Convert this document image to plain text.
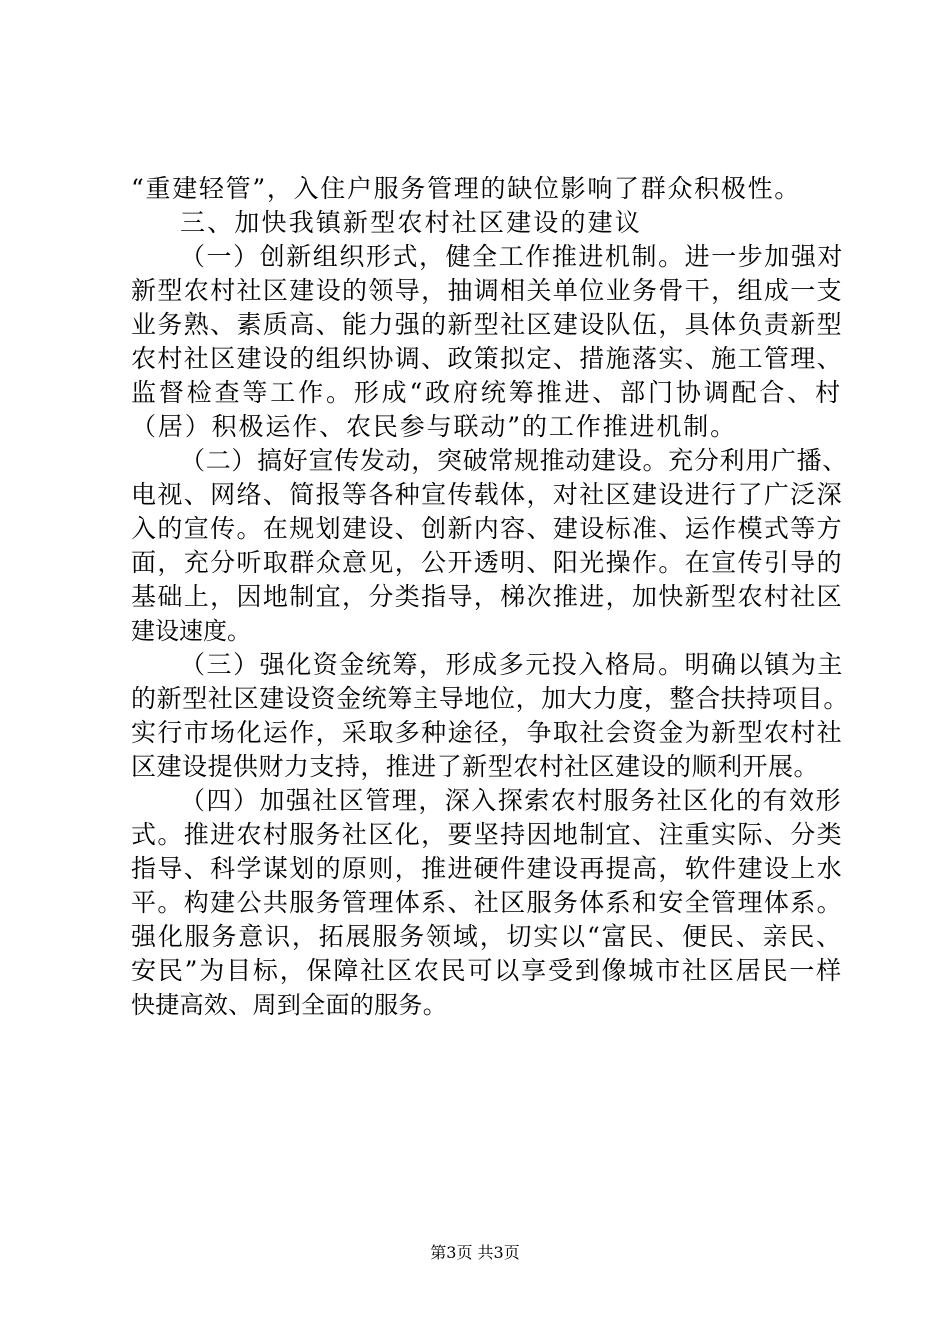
“重建轻管”，入住户服务管理的缺位影响了群众积极性。
三、加快我镇新型农村社区建设的建议
（一）创新组织形式，健全工作推进机制。进一步加强对
新型农村社区建设的领导，抽调相关单位业务骨干，组成一支
业务熟、素质高、能力强的新型社区建设队伍，具体负责新型
农村社区建设的组织协调、政策拟定、措施落实、施工管理、
监督检查等工作。形成“政府统筹推进、部门协调配合、村
（居）积极运作、农民参与联动”的工作推进机制。
（二）搞好宣传发动，突破常规推动建设。充分利用广播、
电视、网络、简报等各种宣传载体，对社区建设进行了广泛深
入的宣传。在规划建设、创新内容、建设标准、运作模式等方
面，充分听取群众意见，公开透明、阳光操作。在宣传引导的
基础上，因地制宜，分类指导，梯次推进，加快新型农村社区
建设速度。
（三）强化资金统筹，形成多元投入格局。明确以镇为主
的新型社区建设资金统筹主导地位，加大力度，整合扶持项目。
实行市场化运作，采取多种途径，争取社会资金为新型农村社
区建设提供财力支持，推进了新型农村社区建设的顺利开展。
（四）加强社区管理，深入探索农村服务社区化的有效形
式。推进农村服务社区化，要坚持因地制宜、注重实际、分类
指导、科学谋划的原则，推进硬件建设再提高，软件建设上水
平。构建公共服务管理体系、社区服务体系和安全管理体系。
强化服务意识，拓展服务领域，切实以“富民、便民、亲民、
安民”为目标，保障社区农民可以享受到像城市社区居民一样
快捷高效、周到全面的服务。
第3页 共3页
